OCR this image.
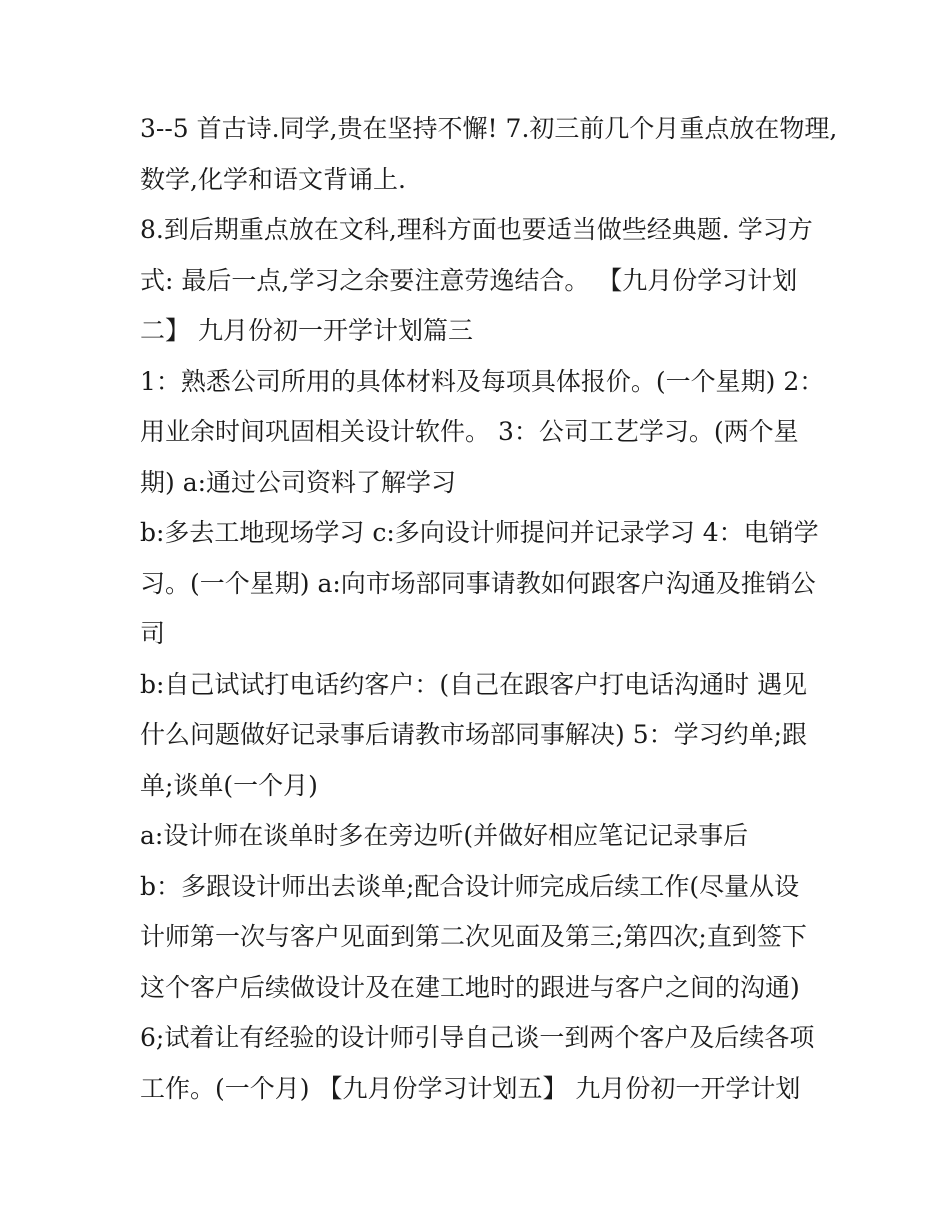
3--5 首古诗.同学,贵在坚持不懈! 7.初三前几个月重点放在物理,
数学,化学和语文背诵上.
8.到后期重点放在文科,理科方面也要适当做些经典题. 学习方
式: 最后一点,学习之余要注意劳逸结合。 【九月份学习计划
二】 九月份初一开学计划篇三
1：熟悉公司所用的具体材料及每项具体报价。(一个星期) 2：
用业余时间巩固相关设计软件。 3：公司工艺学习。(两个星
期) a:通过公司资料了解学习
b:多去工地现场学习 c:多向设计师提问并记录学习 4：电销学
习。(一个星期) a:向市场部同事请教如何跟客户沟通及推销公
司
b:自己试试打电话约客户：(自己在跟客户打电话沟通时 遇见
什么问题做好记录事后请教市场部同事解决) 5：学习约单;跟
单;谈单(一个月)
a:设计师在谈单时多在旁边听(并做好相应笔记记录事后
b：多跟设计师出去谈单;配合设计师完成后续工作(尽量从设
计师第一次与客户见面到第二次见面及第三;第四次;直到签下
这个客户后续做设计及在建工地时的跟进与客户之间的沟通)
6;试着让有经验的设计师引导自己谈一到两个客户及后续各项
工作。(一个月) 【九月份学习计划五】 九月份初一开学计划
